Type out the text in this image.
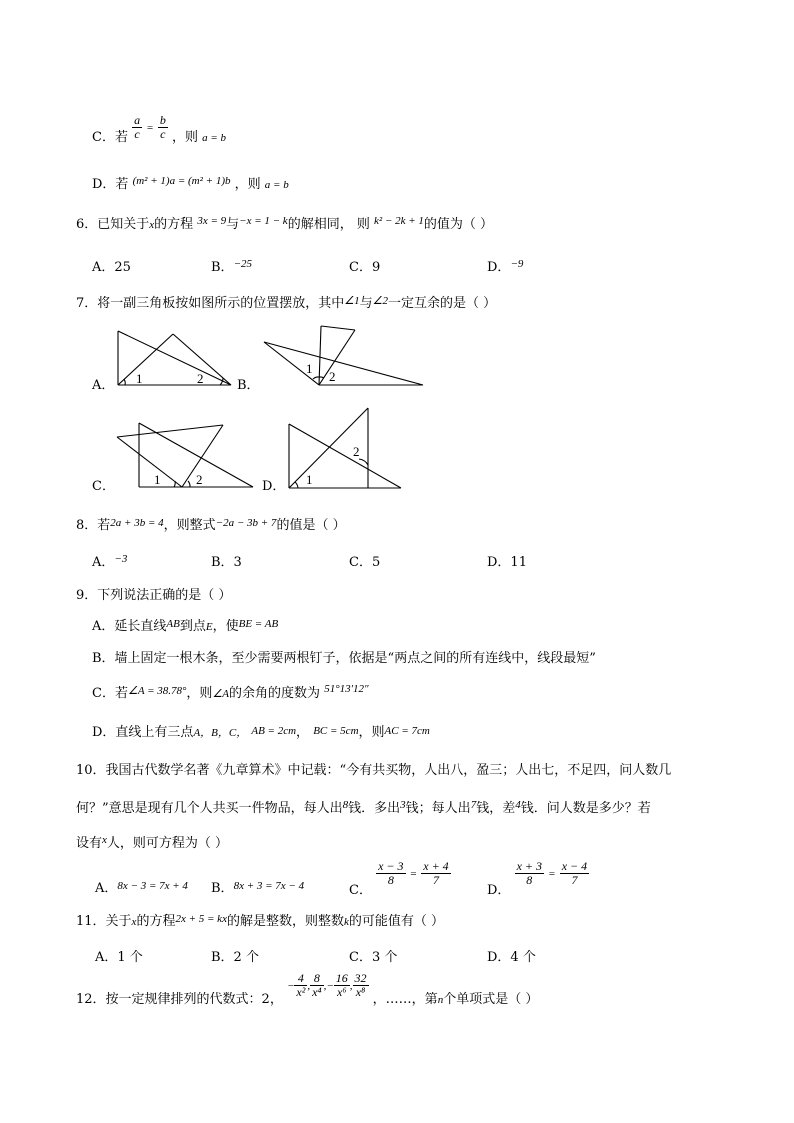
C．若 $\frac{a}{c} ^= \frac{b}{c}$ ，则 a = b
D．若 $^{(m^2 + 1)a = (m^2 + 1)b}$ ，则 a = b
6．已知关于x的方程 $^{3x = 9}$与$^{-x = 1 - k}$的解相同， 则 $^{k^2 - 2k + 1}$的值为（ ）
A．25	B．$^{-25}$	C．9	D．$^{-9}$
7．将一副三角板按如图所示的位置摆放，其中$^{\angle 1}$与$^{\angle 2}$一定互余的是（ ）
A． 1	2	B．
1
2
C．	1	2	D． 1
2
8．若$^{2a + 3b = 4}$，则整式$^{-2a - 3b + 7}$的值是（ ）
A．$^{-3}$	B．3	C．5	D．11
9．下列说法正确的是（ ）
A．延长直线$^{AB}$到点E，使$^{BE = AB}$
B．墙上固定一根木条，至少需要两根钉子，依据是“两点之间的所有连线中，线段最短”
C．若$^{\angle A = 38.78^\circ}$，则∠A的余角的度数为 $^{51^\circ 13'12''}$
D．直线上有三点A，B，C， AB = 2cm， BC = 5cm，则AC = 7cm
10．我国古代数学名著《九章算术》中记载：“今有共买物，人出八，盈三；人出七，不足四，问人数几
何？”意思是现有几个人共买一件物品，每人出$^8$钱．多出$^3$钱；每人出$^7$钱，差$^4$钱．问人数是多少？若
设有$^x$人，则可方程为（ ）
A．$^{8x - 3 = 7x + 4}$ B．$^{8x + 3 = 7x - 4}$	C．
$\frac{x - 3}{8} = \frac{x + 4}{7}$
D．
$\frac{x + 3}{8} = \frac{x - 4}{7}$
11．关于x的方程$^{2x + 5 = kx}$的解是整数，则整数k的可能值有（ ）
A．1 个	B．2 个	C．3 个	D．4 个
12．按一定规律排列的代数式：2， − $\frac{4}{\text{x²}}$ , $\frac{8}{\text{x⁴}}$ ,− $\frac{16}{\text{x⁶}}$ , $\frac{32}{\text{x⁸}}$
，……，第$_n$个单项式是（ ）
